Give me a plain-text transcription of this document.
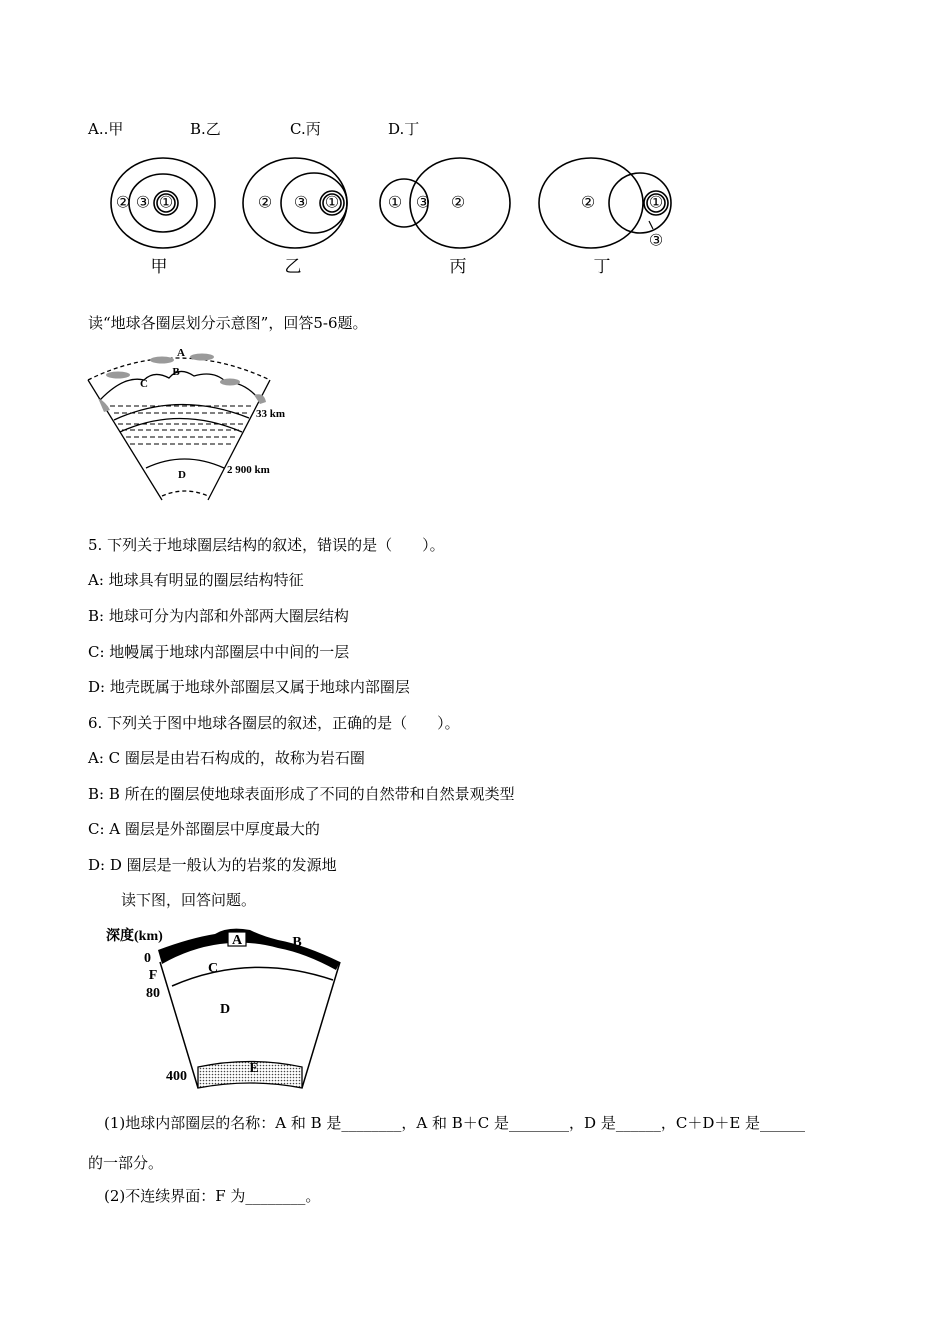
A..甲	B.乙	C.丙	D.丁
② ③ ①	② ③ ①	① ③ ②	②	①
③
甲	乙	丙	丁
读“地球各圈层划分示意图”，回答5-6题。
A
B
C
D
33 km
2 900 km
5. 下列关于地球圈层结构的叙述，错误的是（　　）。
A: 地球具有明显的圈层结构特征
B: 地球可分为内部和外部两大圈层结构
C: 地幔属于地球内部圈层中中间的一层
D: 地壳既属于地球外部圈层又属于地球内部圈层
6. 下列关于图中地球各圈层的叙述，正确的是（　　）。
A: C 圈层是由岩石构成的，故称为岩石圈
B: B 所在的圈层使地球表面形成了不同的自然带和自然景观类型
C: A 圈层是外部圈层中厚度最大的
D: D 圈层是一般认为的岩浆的发源地
读下图，回答问题。
A	B
C
D
E
F
深度(km)
0
80
400
(1)地球内部圈层的名称：A 和 B 是________，A 和 B＋C 是________，D 是______，C＋D＋E 是______
的一部分。
(2)不连续界面：F 为________。
